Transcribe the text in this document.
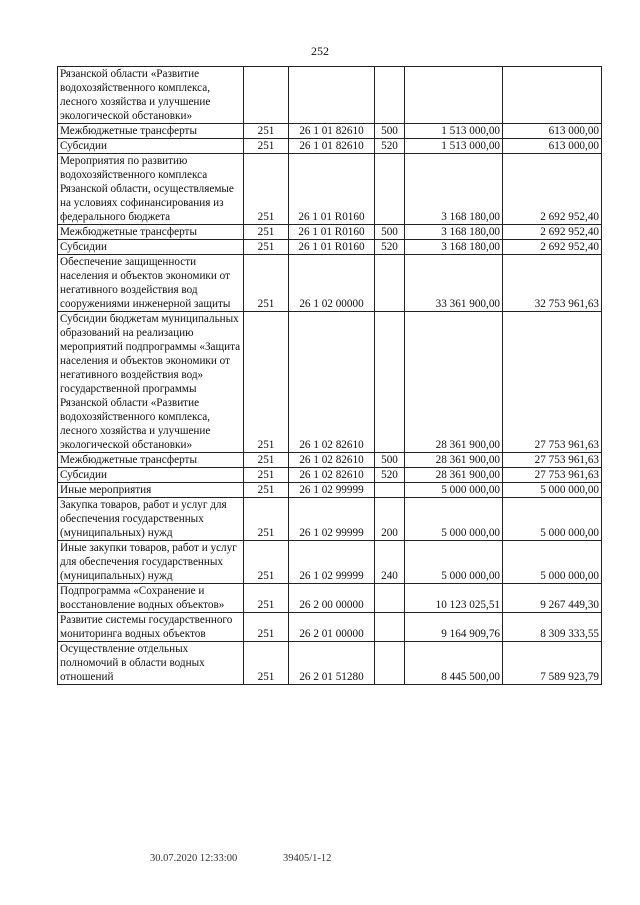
252
Рязанской области «Развитие водохозяйственного комплекса, лесного хозяйства и улучшение экологической обстановки»					
Межбюджетные трансферты	251	26 1 01 82610	500	1 513 000,00	613 000,00
Субсидии	251	26 1 01 82610	520	1 513 000,00	613 000,00
Мероприятия по развитию водохозяйственного комплекса Рязанской области, осуществляемые на условиях софинансирования из федерального бюджета	251	26 1 01 R0160		3 168 180,00	2 692 952,40
Межбюджетные трансферты	251	26 1 01 R0160	500	3 168 180,00	2 692 952,40
Субсидии	251	26 1 01 R0160	520	3 168 180,00	2 692 952,40
Обеспечение защищенности населения и объектов экономики от негативного воздействия вод сооружениями инженерной защиты	251	26 1 02 00000		33 361 900,00	32 753 961,63
Субсидии бюджетам муниципальных образований на реализацию мероприятий подпрограммы «Защита населения и объектов экономики от негативного воздействия вод» государственной программы Рязанской области «Развитие водохозяйственного комплекса, лесного хозяйства и улучшение экологической обстановки»	251	26 1 02 82610		28 361 900,00	27 753 961,63
Межбюджетные трансферты	251	26 1 02 82610	500	28 361 900,00	27 753 961,63
Субсидии	251	26 1 02 82610	520	28 361 900,00	27 753 961,63
Иные мероприятия	251	26 1 02 99999		5 000 000,00	5 000 000,00
Закупка товаров, работ и услуг для обеспечения государственных (муниципальных) нужд	251	26 1 02 99999	200	5 000 000,00	5 000 000,00
Иные закупки товаров, работ и услуг для обеспечения государственных (муниципальных) нужд	251	26 1 02 99999	240	5 000 000,00	5 000 000,00
Подпрограмма «Сохранение и восстановление водных объектов»	251	26 2 00 00000		10 123 025,51	9 267 449,30
Развитие системы государственного мониторинга водных объектов	251	26 2 01 00000		9 164 909,76	8 309 333,55
Осуществление отдельных полномочий в области водных отношений	251	26 2 01 51280		8 445 500,00	7 589 923,79
30.07.2020 12:33:00	39405/1-12
